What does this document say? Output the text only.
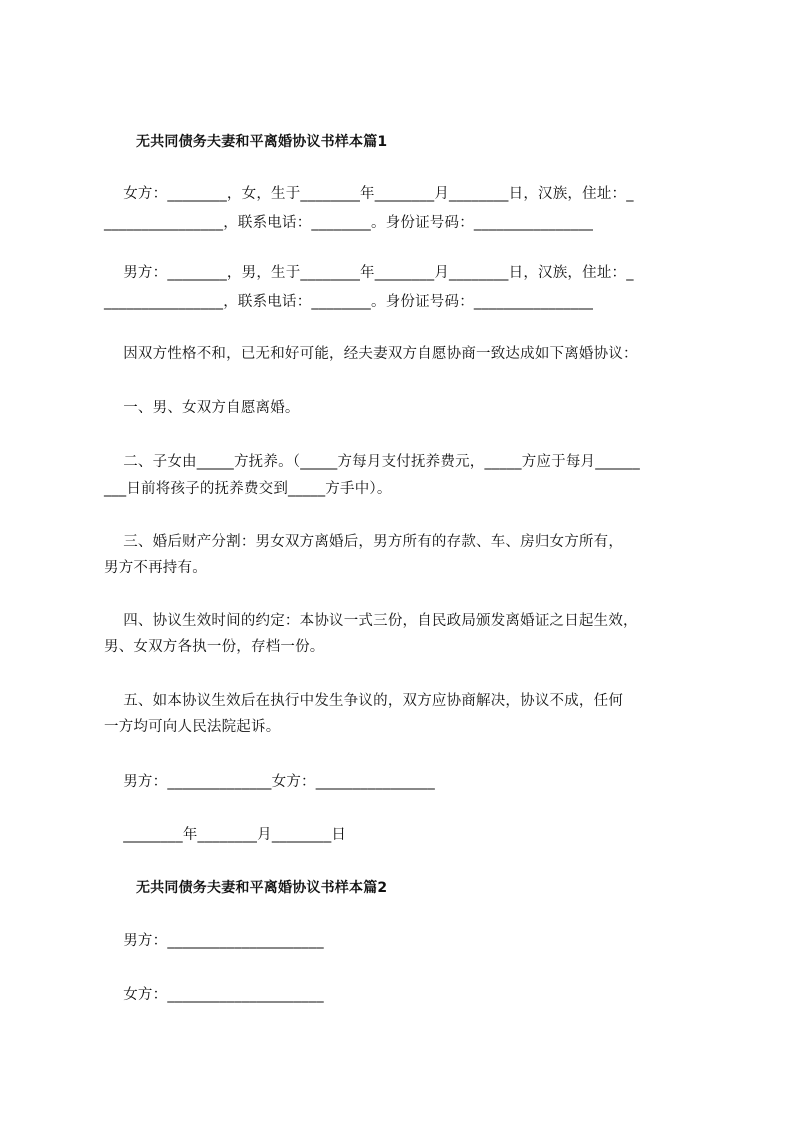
无共同债务夫妻和平离婚协议书样本篇1
女方：________，女，生于________年________月________日，汉族，住址：_
________________，联系电话：________。身份证号码：________________
男方：________，男，生于________年________月________日，汉族，住址：_
________________，联系电话：________。身份证号码：________________
因双方性格不和，已无和好可能，经夫妻双方自愿协商一致达成如下离婚协议：
一、男、女双方自愿离婚。
二、子女由_____方抚养。（_____方每月支付抚养费元，_____方应于每月______
___日前将孩子的抚养费交到_____方手中）。
三、婚后财产分割：男女双方离婚后，男方所有的存款、车、房归女方所有，
男方不再持有。
四、协议生效时间的约定：本协议一式三份，自民政局颁发离婚证之日起生效，
男、女双方各执一份，存档一份。
五、如本协议生效后在执行中发生争议的，双方应协商解决，协议不成，任何
一方均可向人民法院起诉。
男方：______________女方：________________
________年________月________日
无共同债务夫妻和平离婚协议书样本篇2
男方：_____________________
女方：_____________________
